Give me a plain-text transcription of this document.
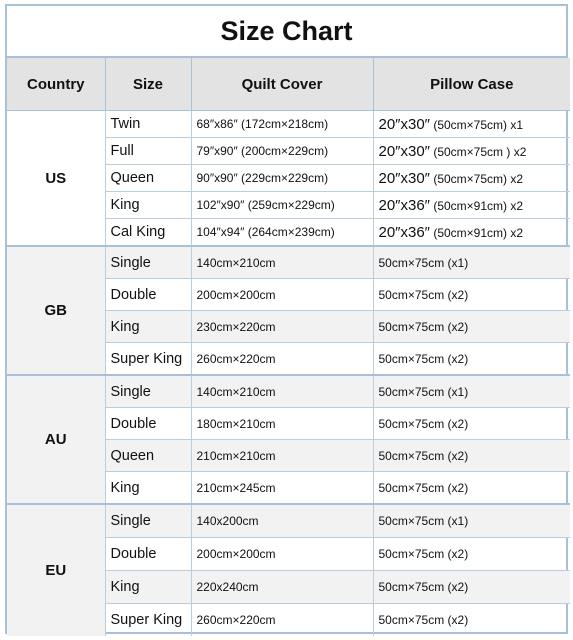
Size Chart
Country	Size	Quilt Cover	Pillow Case
US	Twin	68″x86″ (172cm×218cm)	20″x30″ (50cm×75cm) x1
	Full	79″x90″ (200cm×229cm)	20″x30″ (50cm×75cm ) x2
	Queen	90″x90″ (229cm×229cm)	20″x30″ (50cm×75cm) x2
	King	102″x90″ (259cm×229cm)	20″x36″ (50cm×91cm) x2
	Cal King	104″x94″ (264cm×239cm)	20″x36″ (50cm×91cm) x2
GB	Single	140cm×210cm	50cm×75cm (x1)
	Double	200cm×200cm	50cm×75cm (x2)
	King	230cm×220cm	50cm×75cm (x2)
	Super King	260cm×220cm	50cm×75cm (x2)
AU	Single	140cm×210cm	50cm×75cm (x1)
	Double	180cm×210cm	50cm×75cm (x2)
	Queen	210cm×210cm	50cm×75cm (x2)
	King	210cm×245cm	50cm×75cm (x2)
EU	Single	140x200cm	50cm×75cm (x1)
	Double	200cm×200cm	50cm×75cm (x2)
	King	220x240cm	50cm×75cm (x2)
	Super King	260cm×220cm	50cm×75cm (x2)
